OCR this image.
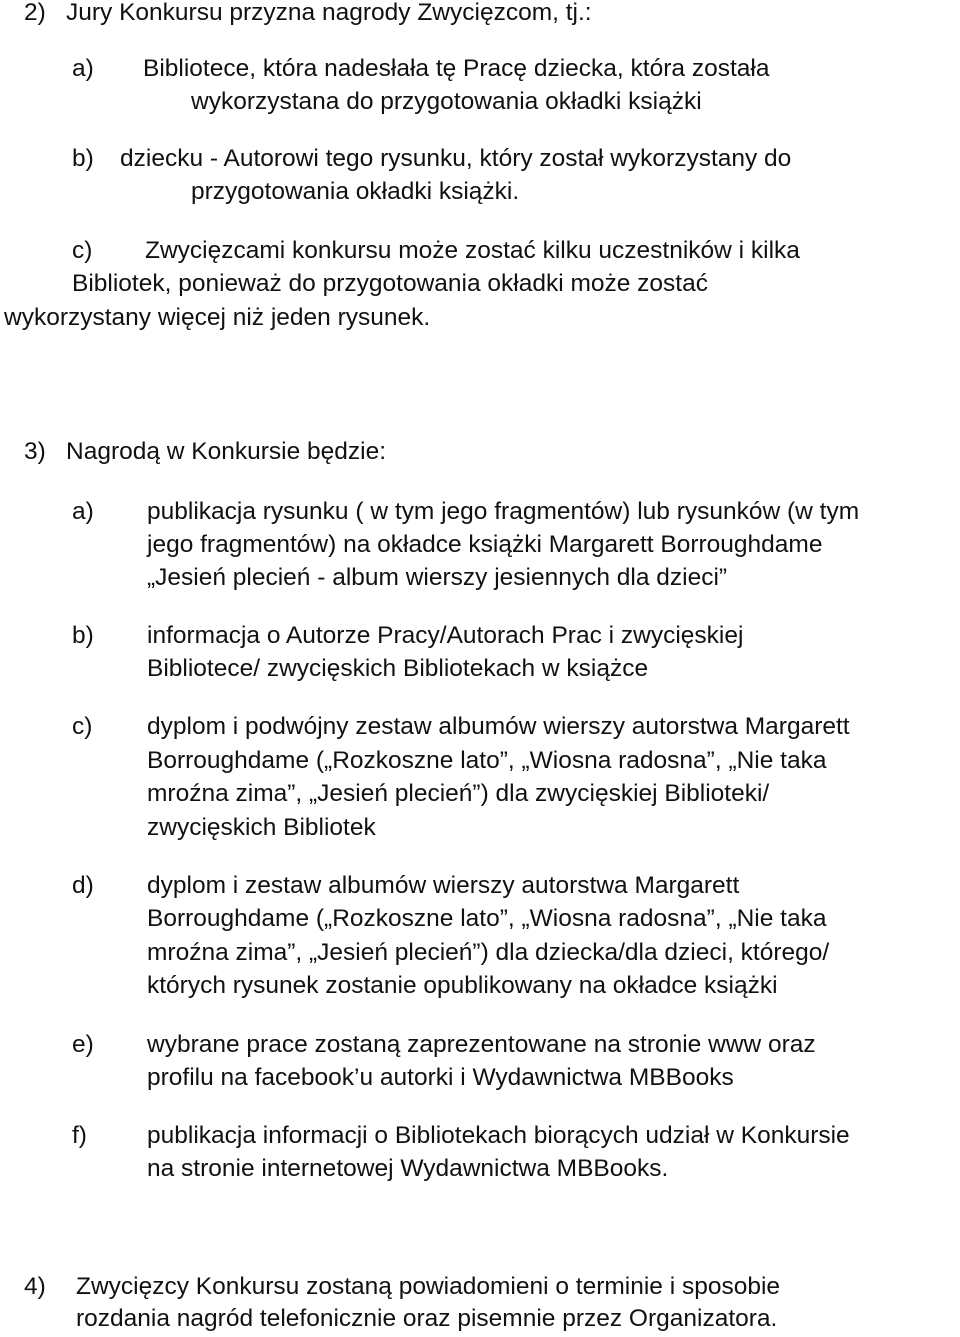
2) Jury Konkursu przyzna nagrody Zwycięzcom, tj.:
a) Bibliotece, która nadesłała tę Pracę dziecka, która została
wykorzystana do przygotowania okładki książki
b) dziecku - Autorowi tego rysunku, który został wykorzystany do
przygotowania okładki książki.
c) Zwycięzcami konkursu może zostać kilku uczestników i kilka
Bibliotek, ponieważ do przygotowania okładki może zostać
wykorzystany więcej niż jeden rysunek.
3) Nagrodą w Konkursie będzie:
a) publikacja rysunku ( w tym jego fragmentów) lub rysunków (w tym
jego fragmentów) na okładce książki Margarett Borroughdame
„Jesień plecień - album wierszy jesiennych dla dzieci”
b) informacja o Autorze Pracy/Autorach Prac i zwycięskiej
Bibliotece/ zwycięskich Bibliotekach w książce
c) dyplom i podwójny zestaw albumów wierszy autorstwa Margarett
Borroughdame („Rozkoszne lato”, „Wiosna radosna”, „Nie taka
mroźna zima”, „Jesień plecień”) dla zwycięskiej Biblioteki/
zwycięskich Bibliotek
d) dyplom i zestaw albumów wierszy autorstwa Margarett
Borroughdame („Rozkoszne lato”, „Wiosna radosna”, „Nie taka
mroźna zima”, „Jesień plecień”) dla dziecka/dla dzieci, którego/
których rysunek zostanie opublikowany na okładce książki
e) wybrane prace zostaną zaprezentowane na stronie www oraz
profilu na facebook’u autorki i Wydawnictwa MBBooks
f) publikacja informacji o Bibliotekach biorących udział w Konkursie
na stronie internetowej Wydawnictwa MBBooks.
4) Zwycięzcy Konkursu zostaną powiadomieni o terminie i sposobie
rozdania nagród telefonicznie oraz pisemnie przez Organizatora.
